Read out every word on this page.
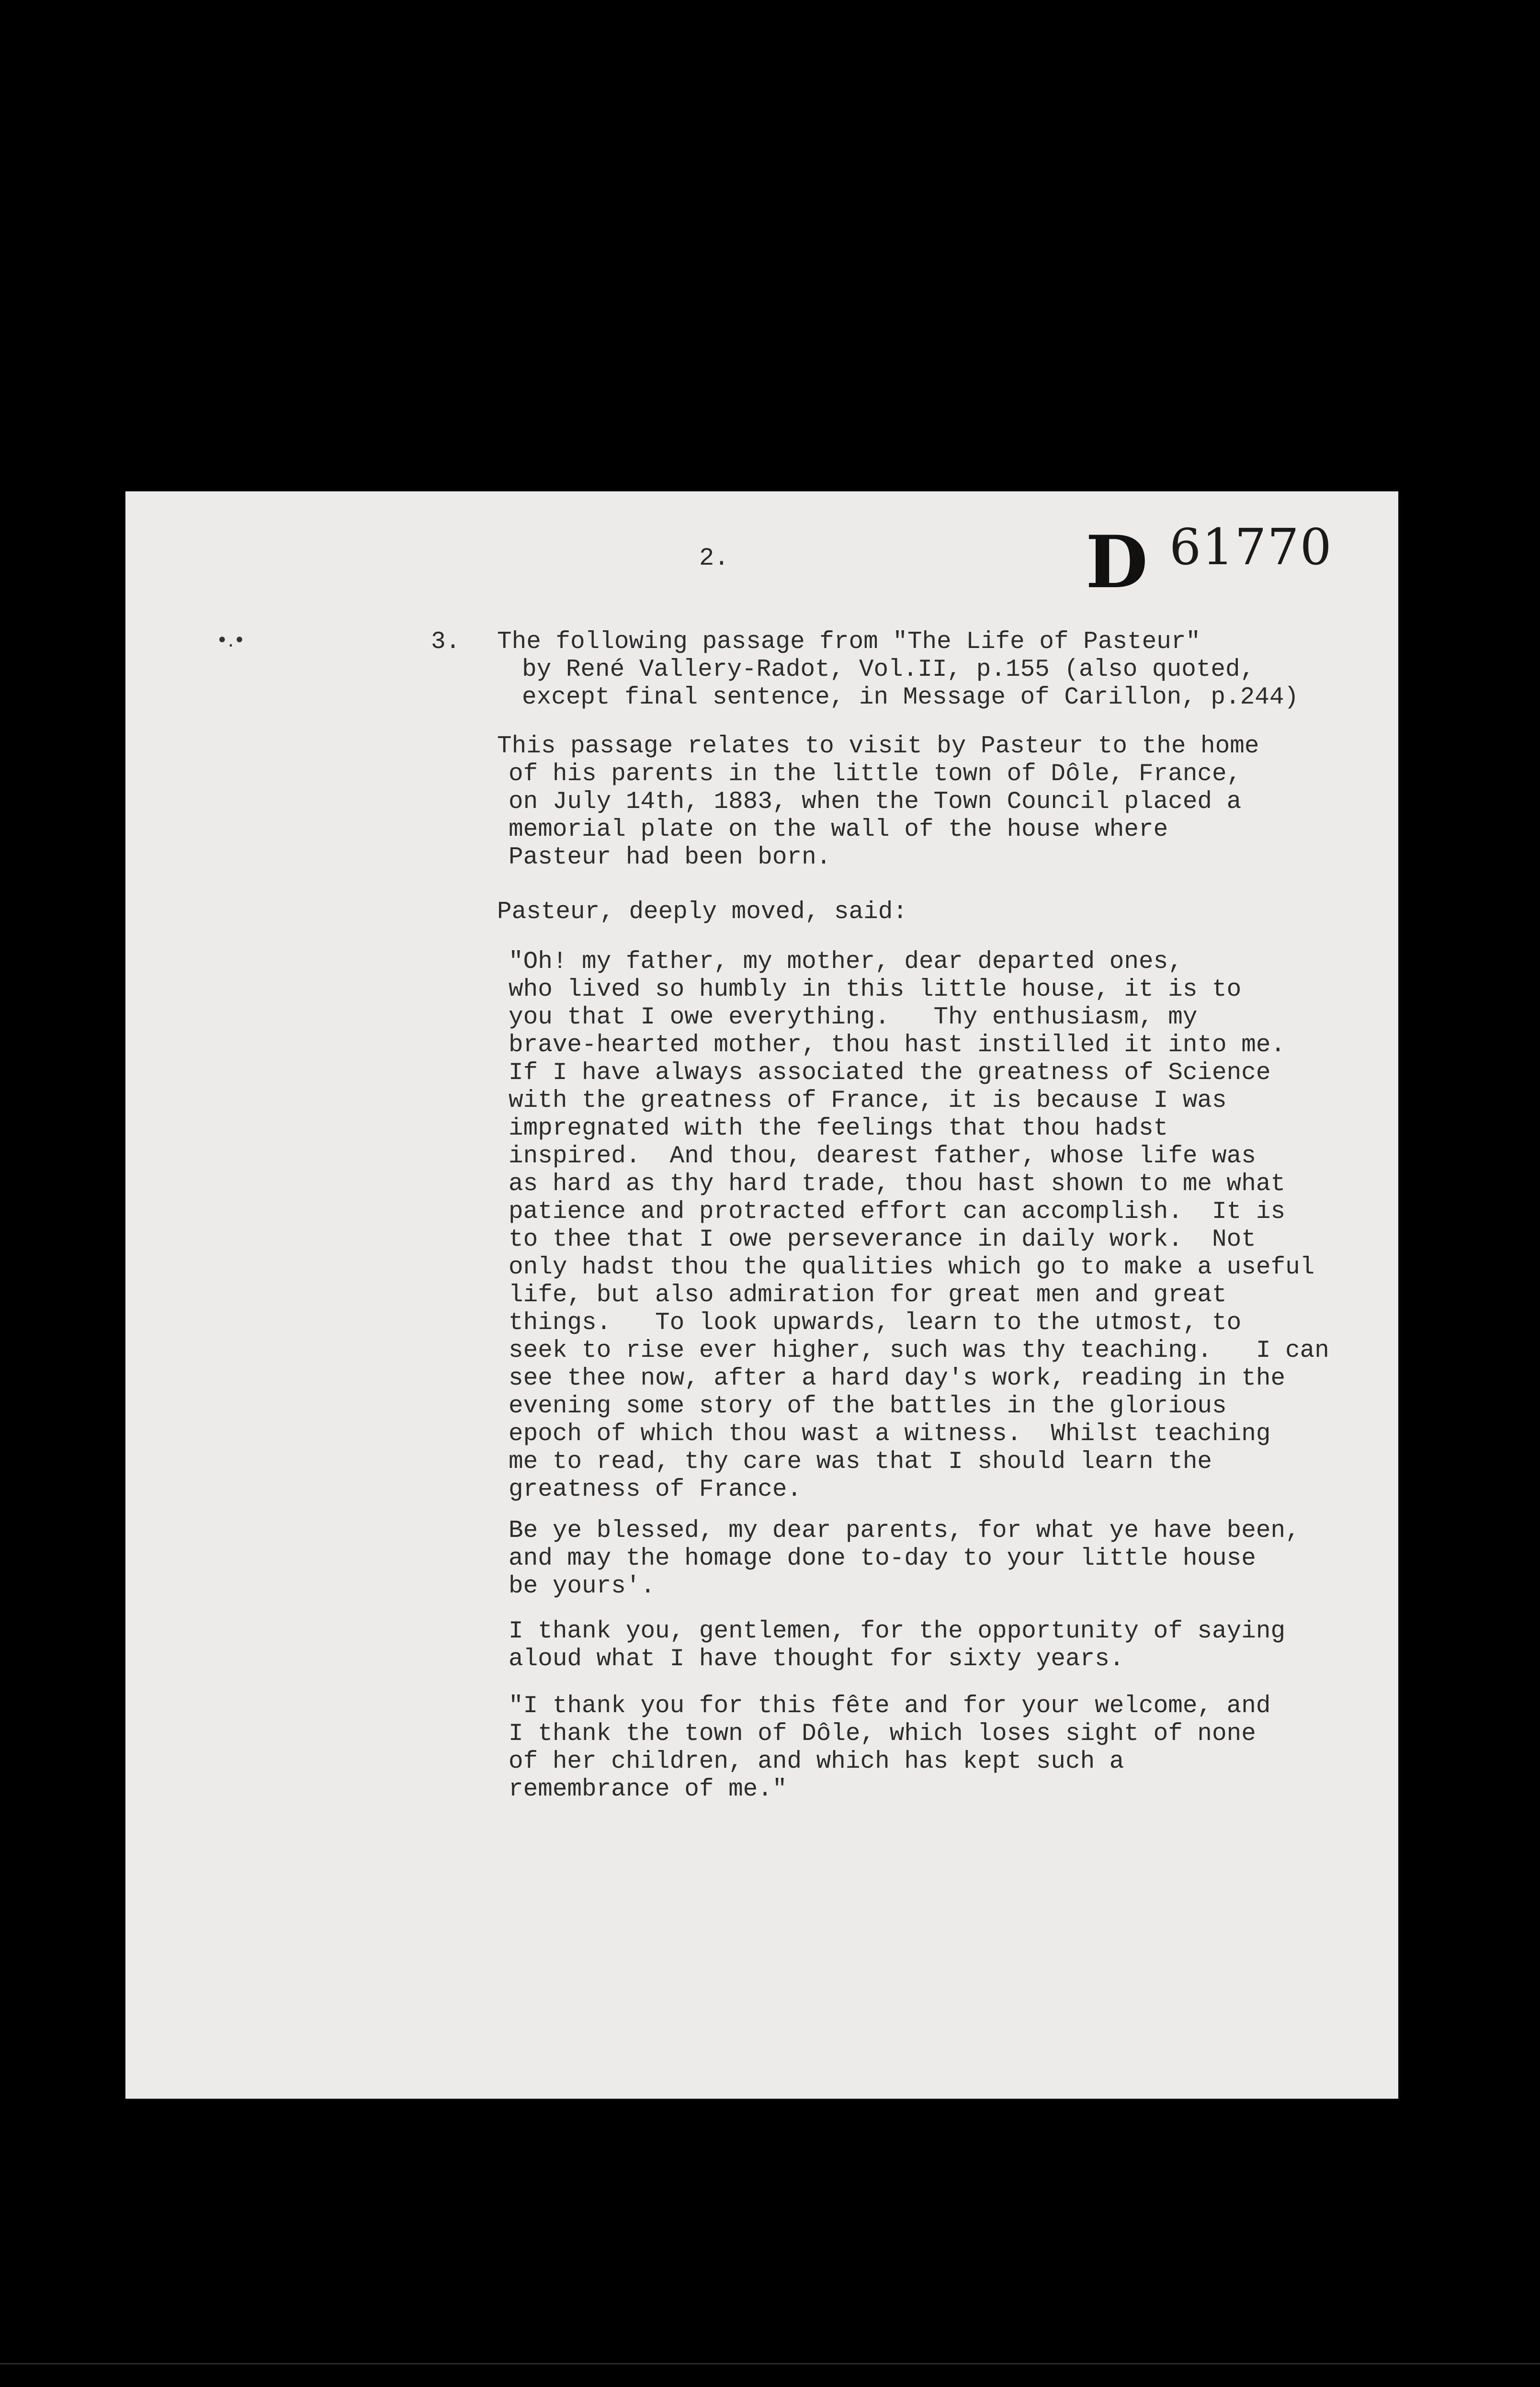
2.	D 61770
•.•	3. The following passage from "The Life of Pasteur"
by René Vallery-Radot, Vol.II, p.155 (also quoted,
except final sentence, in Message of Carillon, p.244)
This passage relates to visit by Pasteur to the home
of his parents in the little town of Dôle, France,
on July 14th, 1883, when the Town Council placed a
memorial plate on the wall of the house where
Pasteur had been born.
Pasteur, deeply moved, said:
"Oh! my father, my mother, dear departed ones,
who lived so humbly in this little house, it is to
you that I owe everything.   Thy enthusiasm, my
brave-hearted mother, thou hast instilled it into me.
If I have always associated the greatness of Science
with the greatness of France, it is because I was
impregnated with the feelings that thou hadst
inspired.  And thou, dearest father, whose life was
as hard as thy hard trade, thou hast shown to me what
patience and protracted effort can accomplish.  It is
to thee that I owe perseverance in daily work.  Not
only hadst thou the qualities which go to make a useful
life, but also admiration for great men and great
things.   To look upwards, learn to the utmost, to
seek to rise ever higher, such was thy teaching.   I can
see thee now, after a hard day's work, reading in the
evening some story of the battles in the glorious
epoch of which thou wast a witness.  Whilst teaching
me to read, thy care was that I should learn the
greatness of France.
Be ye blessed, my dear parents, for what ye have been,
and may the homage done to-day to your little house
be yours'.
I thank you, gentlemen, for the opportunity of saying
aloud what I have thought for sixty years.
"I thank you for this fête and for your welcome, and
I thank the town of Dôle, which loses sight of none
of her children, and which has kept such a
remembrance of me."
